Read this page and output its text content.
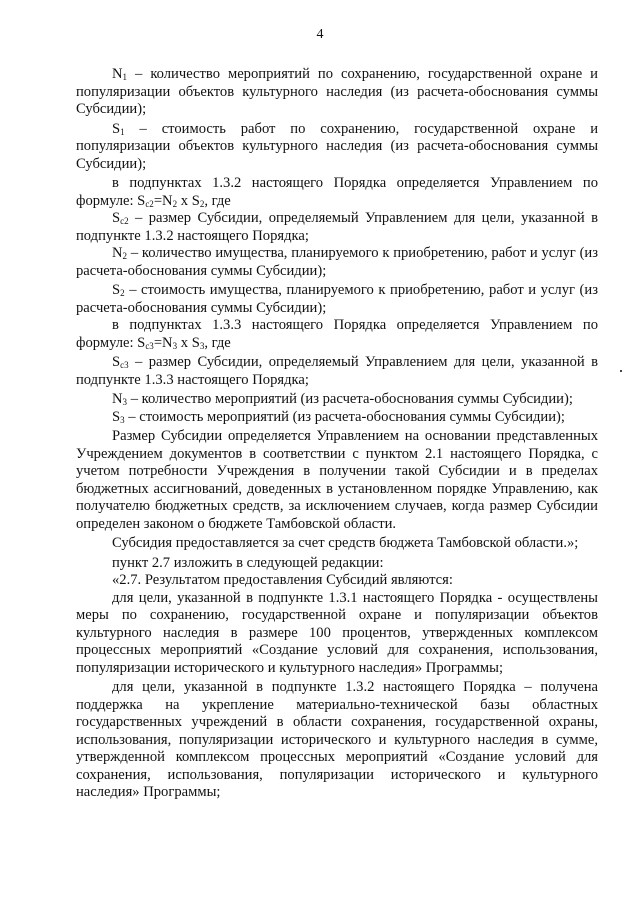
4

$N_1$ – количество мероприятий по сохранению, государственной охране и популяризации объектов культурного наследия (из расчета-обоснования суммы Субсидии);

$S_1$ – стоимость работ по сохранению, государственной охране и популяризации объектов культурного наследия (из расчета-обоснования суммы Субсидии);

в подпунктах 1.3.2 настоящего Порядка определяется Управлением по формуле: $S_{c2}=N_2$ x $S_2$, где

$S_{c2}$ – размер Субсидии, определяемый Управлением для цели, указанной в подпункте 1.3.2 настоящего Порядка;

$N_2$ – количество имущества, планируемого к приобретению, работ и услуг (из расчета-обоснования суммы Субсидии);

$S_2$ – стоимость имущества, планируемого к приобретению, работ и услуг (из расчета-обоснования суммы Субсидии);

в подпунктах 1.3.3 настоящего Порядка определяется Управлением по формуле: $S_{c3}=N_3$ x $S_3$, где

$S_{c3}$ – размер Субсидии, определяемый Управлением для цели, указанной в подпункте 1.3.3 настоящего Порядка;

$N_3$ – количество мероприятий (из расчета-обоснования суммы Субсидии);

$S_3$ – стоимость мероприятий (из расчета-обоснования суммы Субсидии);

Размер Субсидии определяется Управлением на основании представленных Учреждением документов в соответствии с пунктом 2.1 настоящего Порядка, с учетом потребности Учреждения в получении такой Субсидии и в пределах бюджетных ассигнований, доведенных в установленном порядке Управлению, как получателю бюджетных средств, за исключением случаев, когда размер Субсидии определен законом о бюджете Тамбовской области.

Субсидия предоставляется за счет средств бюджета Тамбовской области.»;

пункт 2.7 изложить в следующей редакции:

«2.7. Результатом предоставления Субсидий являются:

для цели, указанной в подпункте 1.3.1 настоящего Порядка - осуществлены меры по сохранению, государственной охране и популяризации объектов культурного наследия в размере 100 процентов, утвержденных комплексом процессных мероприятий «Создание условий для сохранения, использования, популяризации исторического и культурного наследия» Программы;

для цели, указанной в подпункте 1.3.2 настоящего Порядка – получена поддержка на укрепление материально-технической базы областных государственных учреждений в области сохранения, государственной охраны, использования, популяризации исторического и культурного наследия в сумме, утвержденной комплексом процессных мероприятий «Создание условий для сохранения, использования, популяризации исторического и культурного наследия» Программы;
